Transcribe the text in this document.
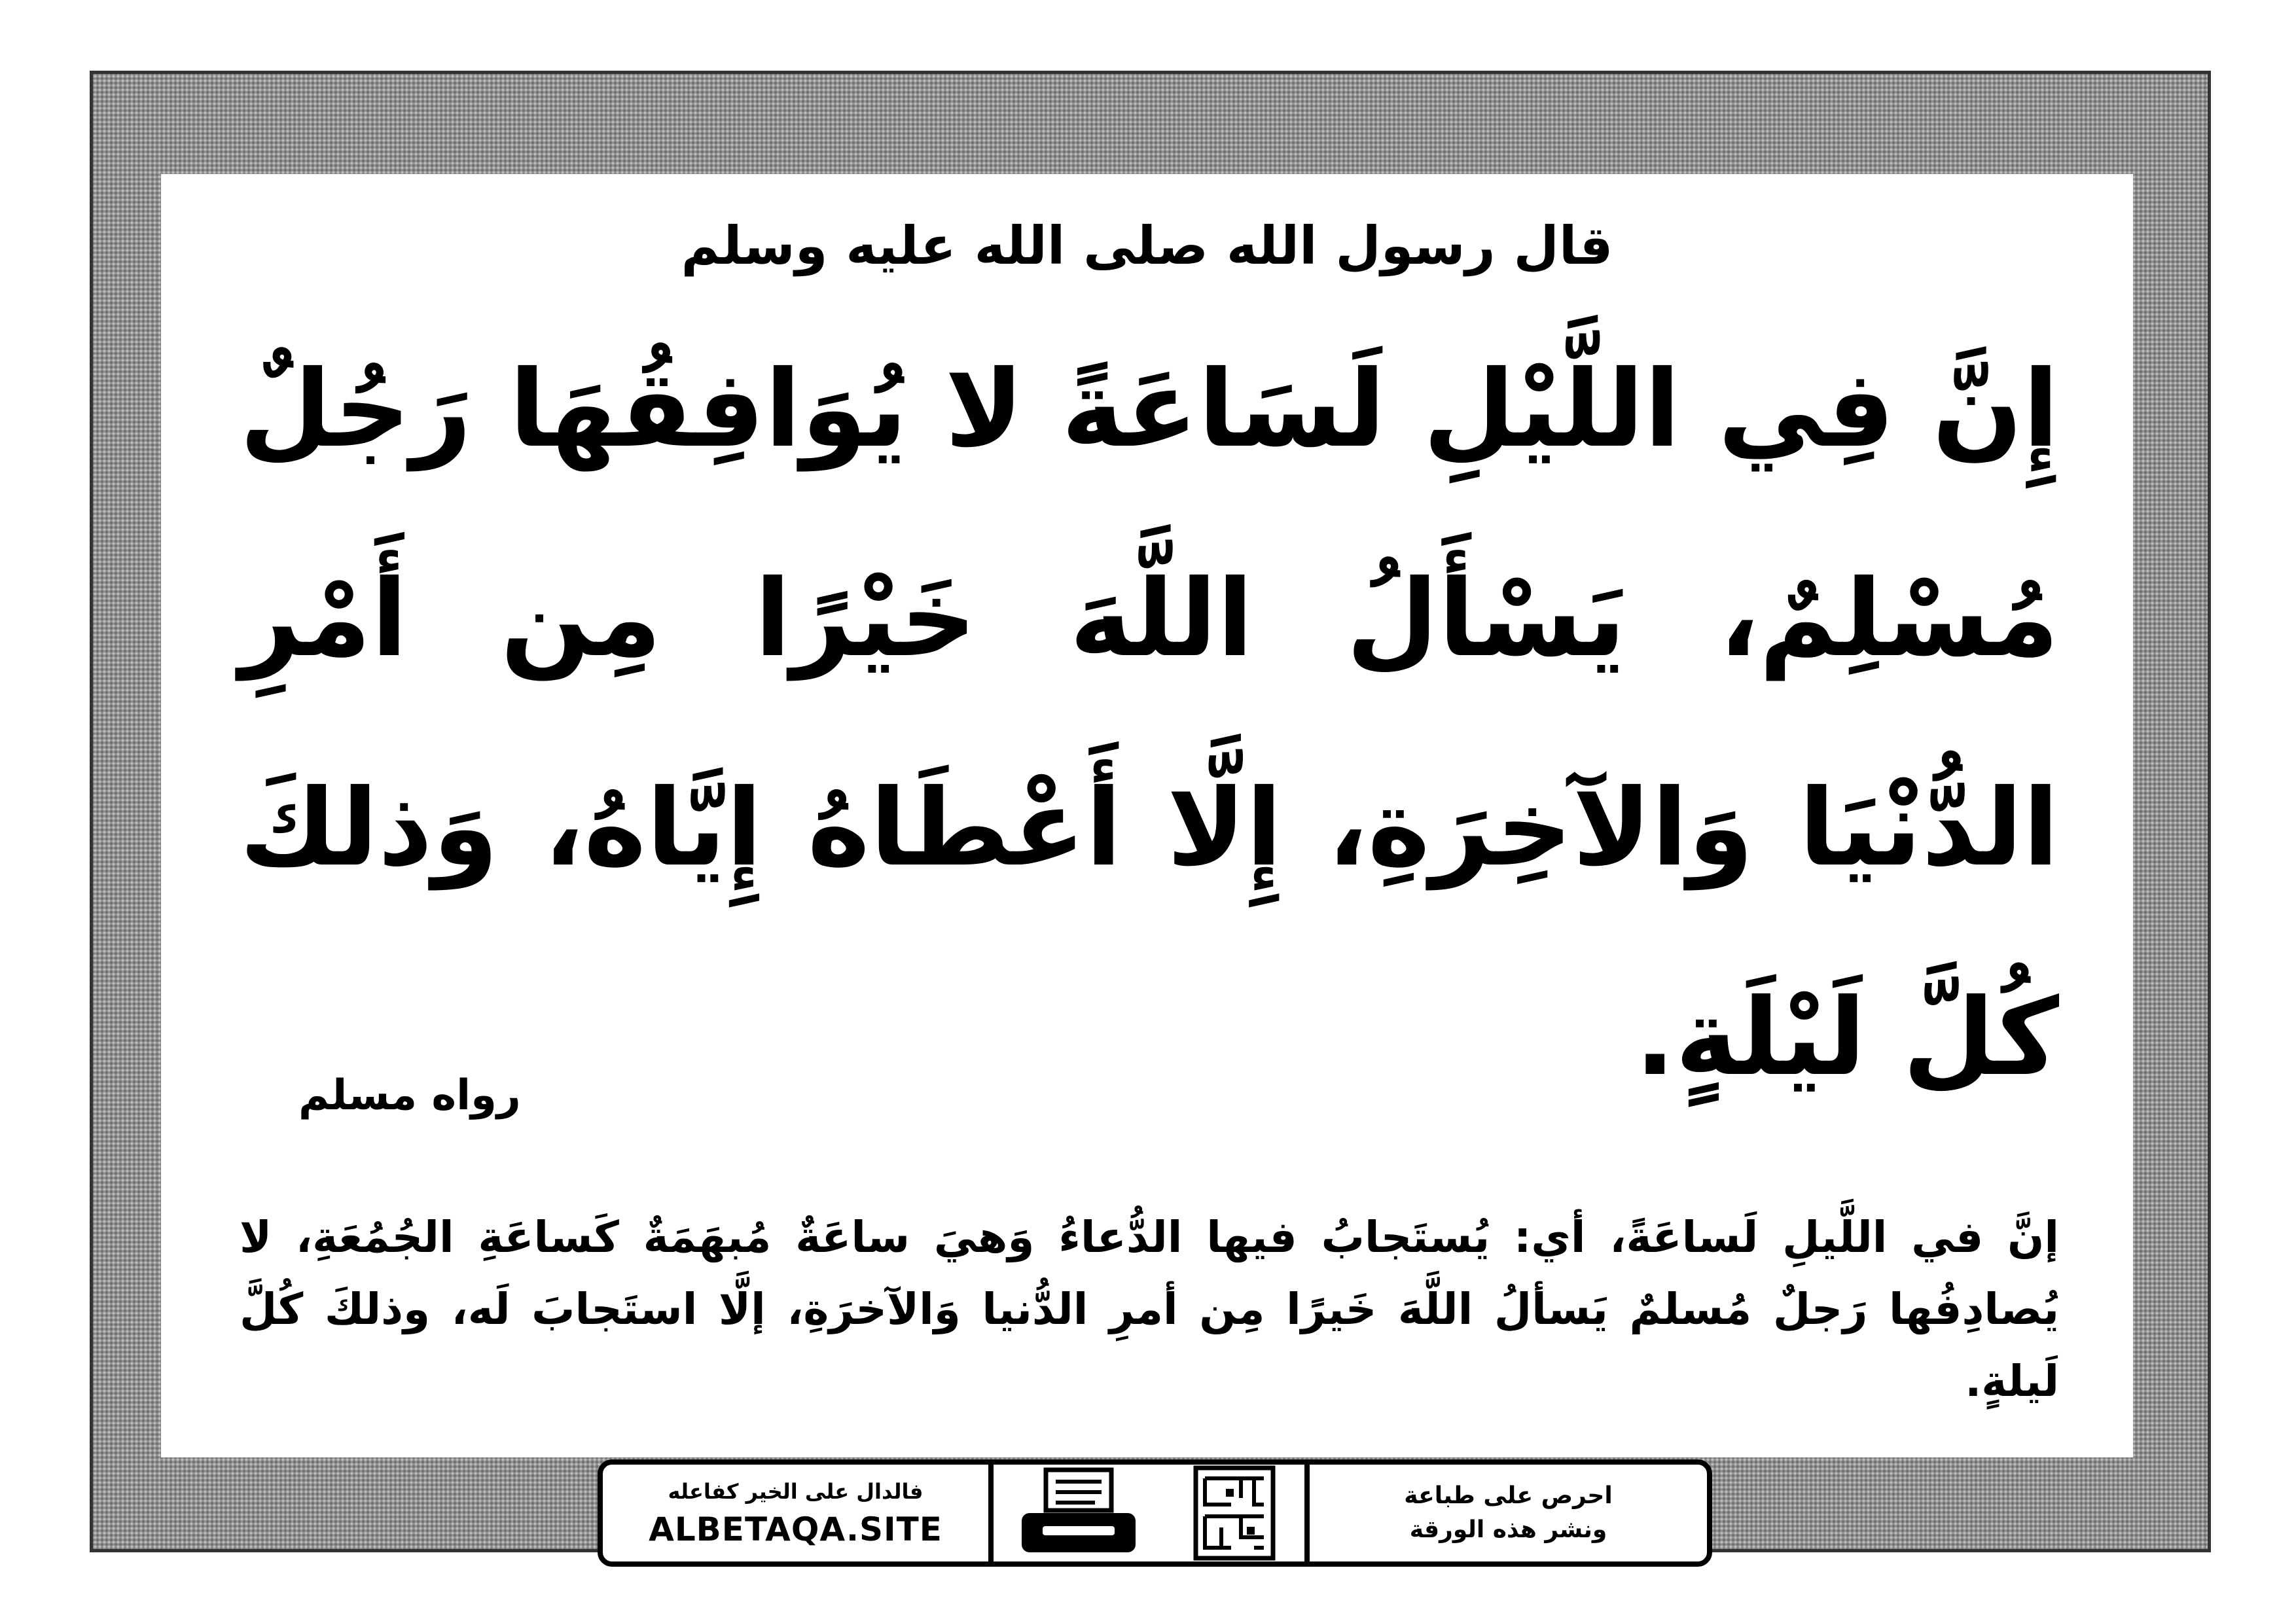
قال رسول الله صلى الله عليه وسلم
إِنَّ فِي اللَّيْلِ لَسَاعَةً لا يُوَافِقُهَا رَجُلٌ مُسْلِمٌ، يَسْأَلُ اللَّهَ خَيْرًا مِن أَمْرِ الدُّنْيَا وَالآخِرَةِ، إِلَّا أَعْطَاهُ إِيَّاهُ، وَذلكَ كُلَّ لَيْلَةٍ.
رواه مسلم
إنَّ في اللَّيلِ لَساعَةً، أي: يُستَجابُ فيها الدُّعاءُ وَهيَ ساعَةٌ مُبهَمَةٌ كَساعَةِ الجُمُعَةِ، لا يُصادِفُها رَجلٌ مُسلمٌ يَسألُ اللَّهَ خَيرًا مِن أمرِ الدُّنيا وَالآخرَةِ، إلَّا استَجابَ لَه، وذلكَ كُلَّ لَيلةٍ.
احرص على طباعة
ونشر هذه الورقة
فالدال على الخير كفاعله
ALBETAQA.SITE
